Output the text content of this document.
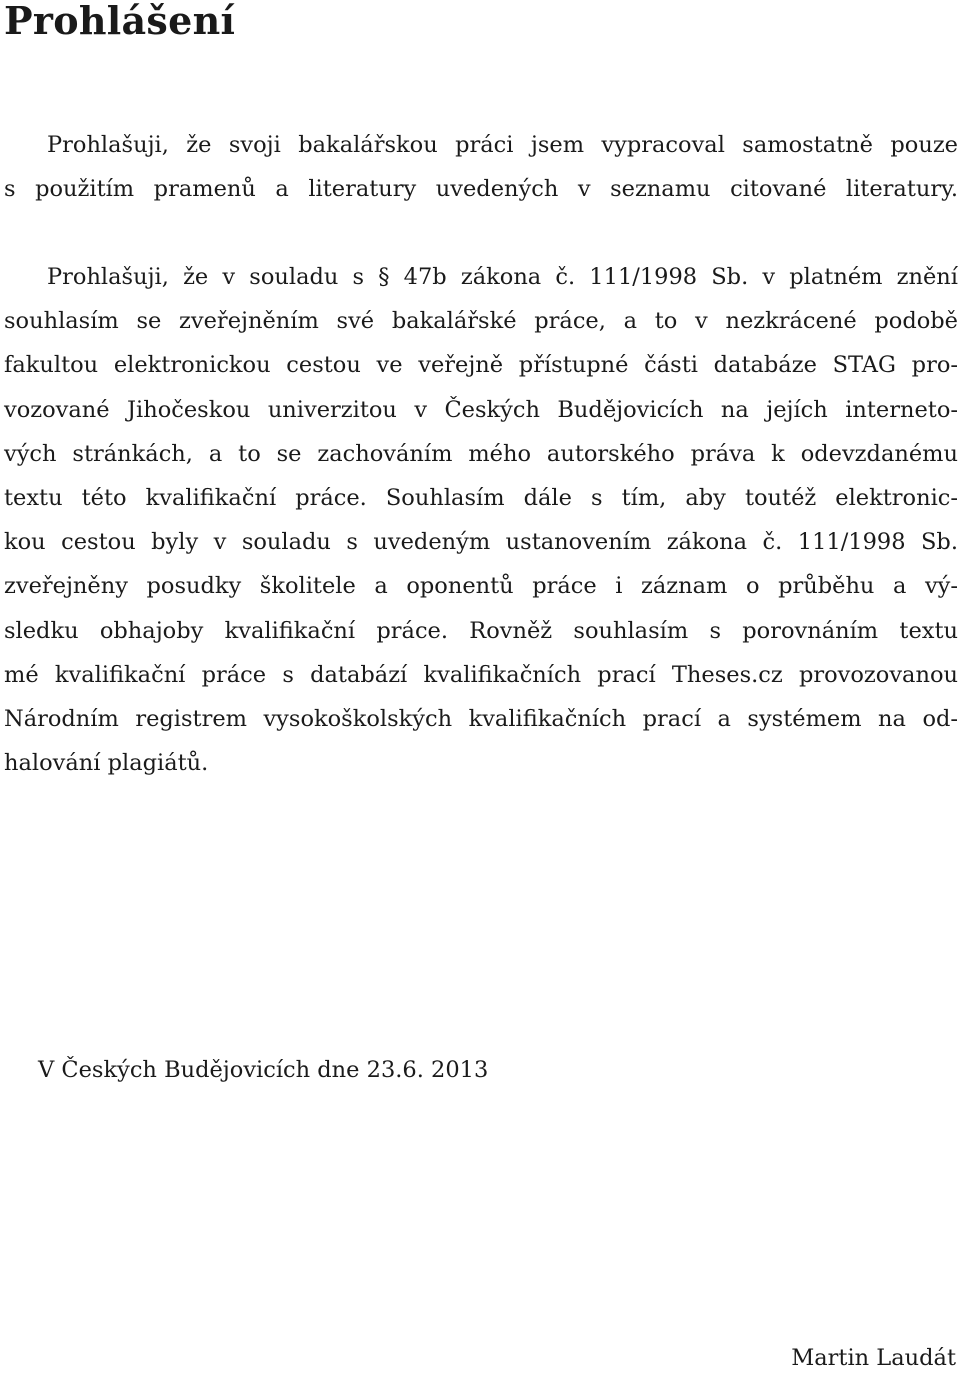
Prohlášení
Prohlašuji, že svoji bakalářskou práci jsem vypracoval samostatně pouze
s použitím pramenů a literatury uvedených v seznamu citované literatury.
Prohlašuji, že v souladu s § 47b zákona č. 111/1998 Sb. v platném znění
souhlasím se zveřejněním své bakalářské práce, a to v nezkrácené podobě
fakultou elektronickou cestou ve veřejně přístupné části databáze STAG pro-
vozované Jihočeskou univerzitou v Českých Budějovicích na jejích interneto-
vých stránkách, a to se zachováním mého autorského práva k odevzdanému
textu této kvalifikační práce. Souhlasím dále s tím, aby toutéž elektronic-
kou cestou byly v souladu s uvedeným ustanovením zákona č. 111/1998 Sb.
zveřejněny posudky školitele a oponentů práce i záznam o průběhu a vý-
sledku obhajoby kvalifikační práce. Rovněž souhlasím s porovnáním textu
mé kvalifikační práce s databází kvalifikačních prací Theses.cz provozovanou
Národním registrem vysokoškolských kvalifikačních prací a systémem na od-
halování plagiátů.

V Českých Budějovicích dne 23.6. 2013

Martin Laudát
